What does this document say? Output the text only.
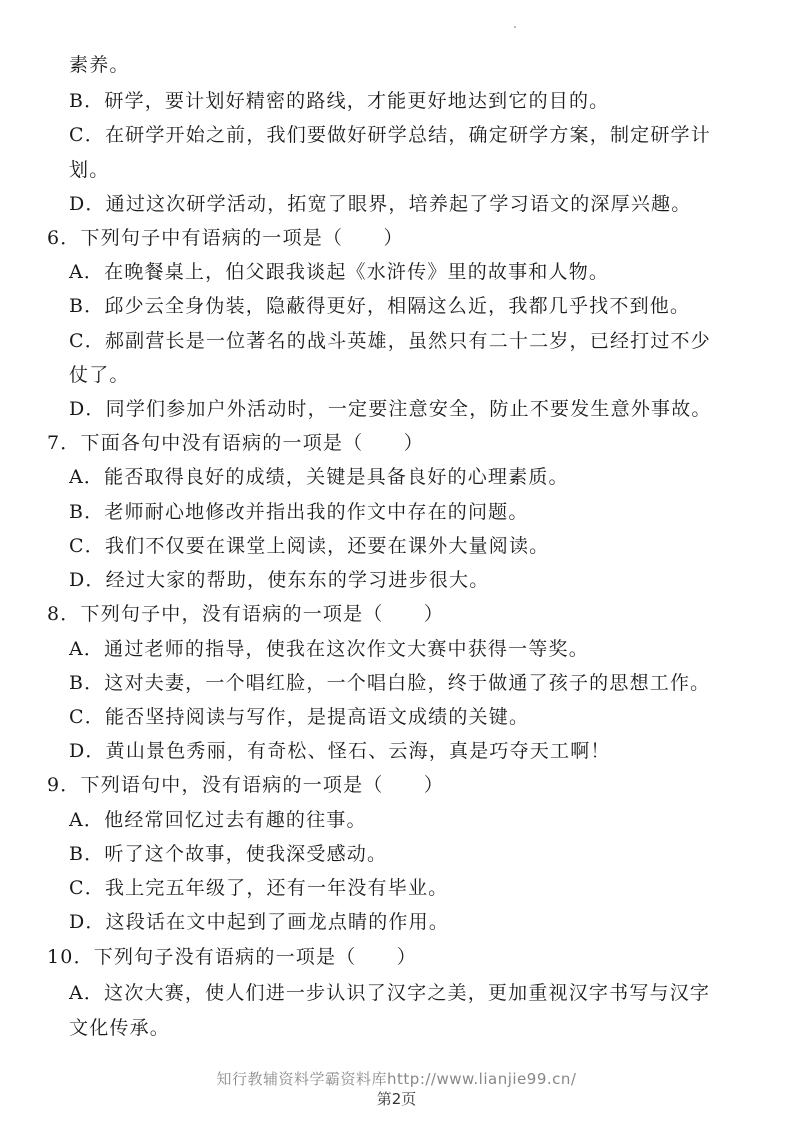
素养。
B．研学，要计划好精密的路线，才能更好地达到它的目的。
C．在研学开始之前，我们要做好研学总结，确定研学方案，制定研学计
划。
D．通过这次研学活动，拓宽了眼界，培养起了学习语文的深厚兴趣。
6．下列句子中有语病的一项是（　　）
A．在晚餐桌上，伯父跟我谈起《水浒传》里的故事和人物。
B．邱少云全身伪装，隐蔽得更好，相隔这么近，我都几乎找不到他。
C．郝副营长是一位著名的战斗英雄，虽然只有二十二岁，已经打过不少
仗了。
D．同学们参加户外活动时，一定要注意安全，防止不要发生意外事故。
7．下面各句中没有语病的一项是（　　）
A．能否取得良好的成绩，关键是具备良好的心理素质。
B．老师耐心地修改并指出我的作文中存在的问题。
C．我们不仅要在课堂上阅读，还要在课外大量阅读。
D．经过大家的帮助，使东东的学习进步很大。
8．下列句子中，没有语病的一项是（　　）
A．通过老师的指导，使我在这次作文大赛中获得一等奖。
B．这对夫妻，一个唱红脸，一个唱白脸，终于做通了孩子的思想工作。
C．能否坚持阅读与写作，是提高语文成绩的关键。
D．黄山景色秀丽，有奇松、怪石、云海，真是巧夺天工啊！
9．下列语句中，没有语病的一项是（　　）
A．他经常回忆过去有趣的往事。
B．听了这个故事，使我深受感动。
C．我上完五年级了，还有一年没有毕业。
D．这段话在文中起到了画龙点睛的作用。
10．下列句子没有语病的一项是（　　）
A．这次大赛，使人们进一步认识了汉字之美，更加重视汉字书写与汉字
文化传承。
知行教辅资料学霸资料库http://www.lianjie99.cn/
第2页
